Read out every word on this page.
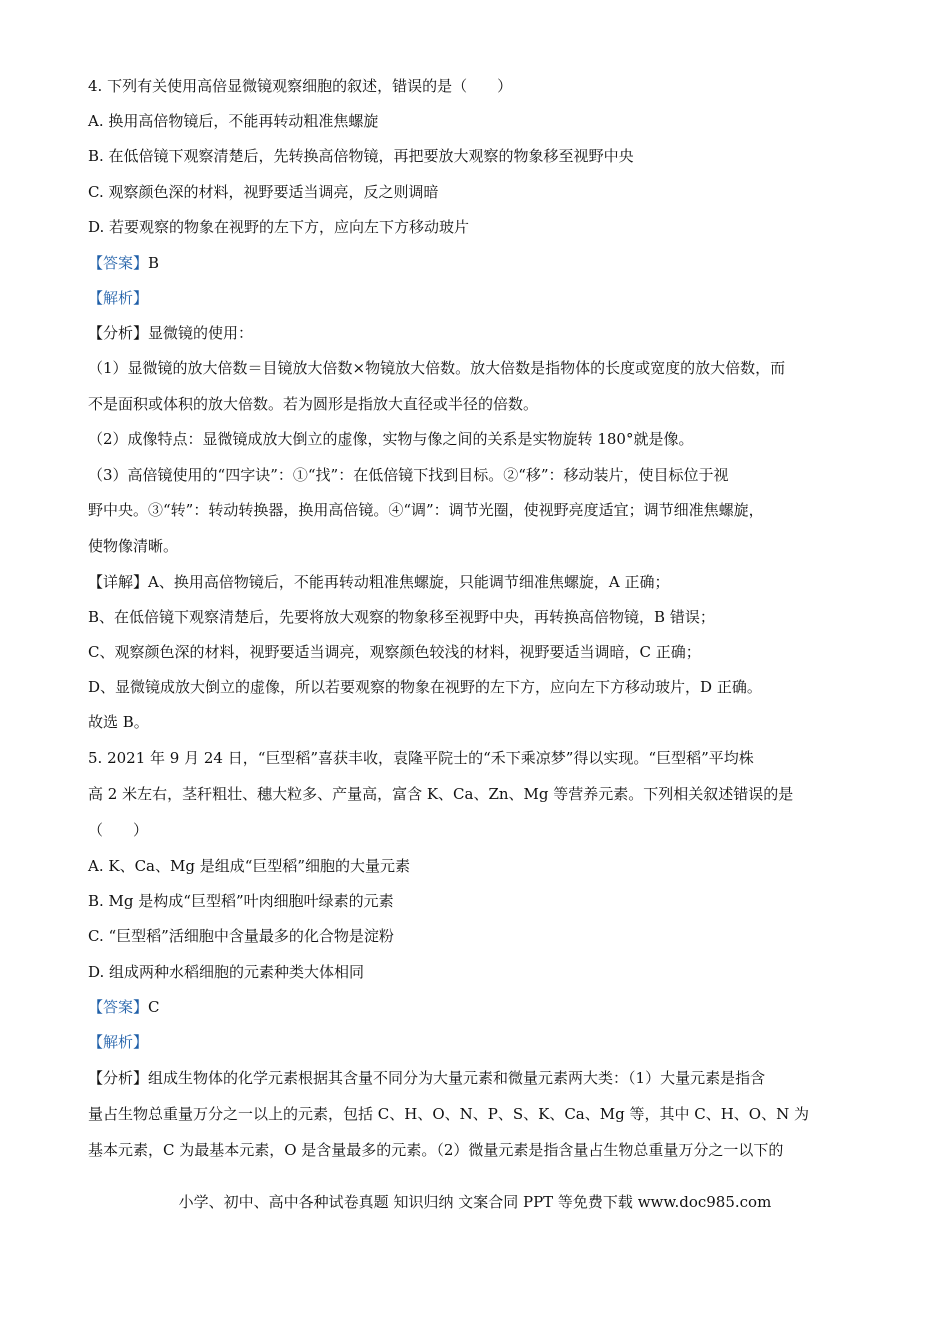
4. 下列有关使用高倍显微镜观察细胞的叙述，错误的是（　　）
A. 换用高倍物镜后，不能再转动粗准焦螺旋
B. 在低倍镜下观察清楚后，先转换高倍物镜，再把要放大观察的物象移至视野中央
C. 观察颜色深的材料，视野要适当调亮，反之则调暗
D. 若要观察的物象在视野的左下方，应向左下方移动玻片
【答案】B
【解析】
【分析】显微镜的使用：
（1）显微镜的放大倍数＝目镜放大倍数×物镜放大倍数。放大倍数是指物体的长度或宽度的放大倍数，而
不是面积或体积的放大倍数。若为圆形是指放大直径或半径的倍数。
（2）成像特点：显微镜成放大倒立的虚像，实物与像之间的关系是实物旋转 180°就是像。
（3）高倍镜使用的“四字诀”：①“找”：在低倍镜下找到目标。②“移”：移动装片，使目标位于视
野中央。③“转”：转动转换器，换用高倍镜。④“调”：调节光圈，使视野亮度适宜；调节细准焦螺旋，
使物像清晰。
【详解】A、换用高倍物镜后，不能再转动粗准焦螺旋，只能调节细准焦螺旋，A 正确；
B、在低倍镜下观察清楚后，先要将放大观察的物象移至视野中央，再转换高倍物镜，B 错误；
C、观察颜色深的材料，视野要适当调亮，观察颜色较浅的材料，视野要适当调暗，C 正确；
D、显微镜成放大倒立的虚像，所以若要观察的物象在视野的左下方，应向左下方移动玻片，D 正确。
故选 B。
5. 2021 年 9 月 24 日，“巨型稻”喜获丰收，袁隆平院士的“禾下乘凉梦”得以实现。“巨型稻”平均株
高 2 米左右，茎秆粗壮、穗大粒多、产量高，富含 K、Ca、Zn、Mg 等营养元素。下列相关叙述错误的是
（　　）
A. K、Ca、Mg 是组成“巨型稻”细胞的大量元素
B. Mg 是构成“巨型稻”叶肉细胞叶绿素的元素
C. “巨型稻”活细胞中含量最多的化合物是淀粉
D. 组成两种水稻细胞的元素种类大体相同
【答案】C
【解析】
【分析】组成生物体的化学元素根据其含量不同分为大量元素和微量元素两大类：（1）大量元素是指含
量占生物总重量万分之一以上的元素，包括 C、H、O、N、P、S、K、Ca、Mg 等，其中 C、H、O、N 为
基本元素，C 为最基本元素，O 是含量最多的元素。（2）微量元素是指含量占生物总重量万分之一以下的
小学、初中、高中各种试卷真题 知识归纳 文案合同 PPT 等免费下载 www.doc985.com
